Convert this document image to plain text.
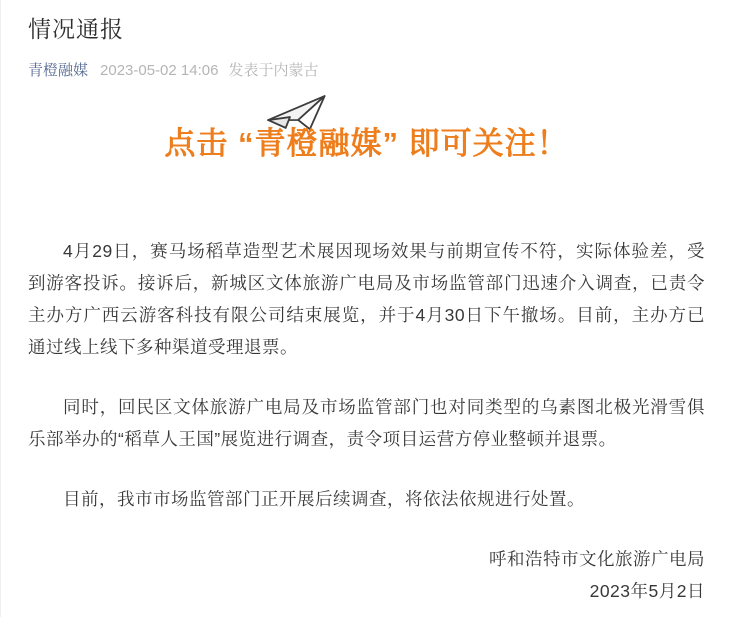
情况通报
青橙融媒 2023-05-02 14:06 发表于内蒙古
点击 “青橙融媒” 即可关注！

4月29日，赛马场稻草造型艺术展因现场效果与前期宣传不符，实际体验差，受到游客投诉。接诉后，新城区文体旅游广电局及市场监管部门迅速介入调查，已责令主办方广西云游客科技有限公司结束展览，并于4月30日下午撤场。目前，主办方已通过线上线下多种渠道受理退票。

同时，回民区文体旅游广电局及市场监管部门也对同类型的乌素图北极光滑雪俱乐部举办的“稻草人王国”展览进行调查，责令项目运营方停业整顿并退票。

目前，我市市场监管部门正开展后续调查，将依法依规进行处置。

呼和浩特市文化旅游广电局

2023年5月2日
